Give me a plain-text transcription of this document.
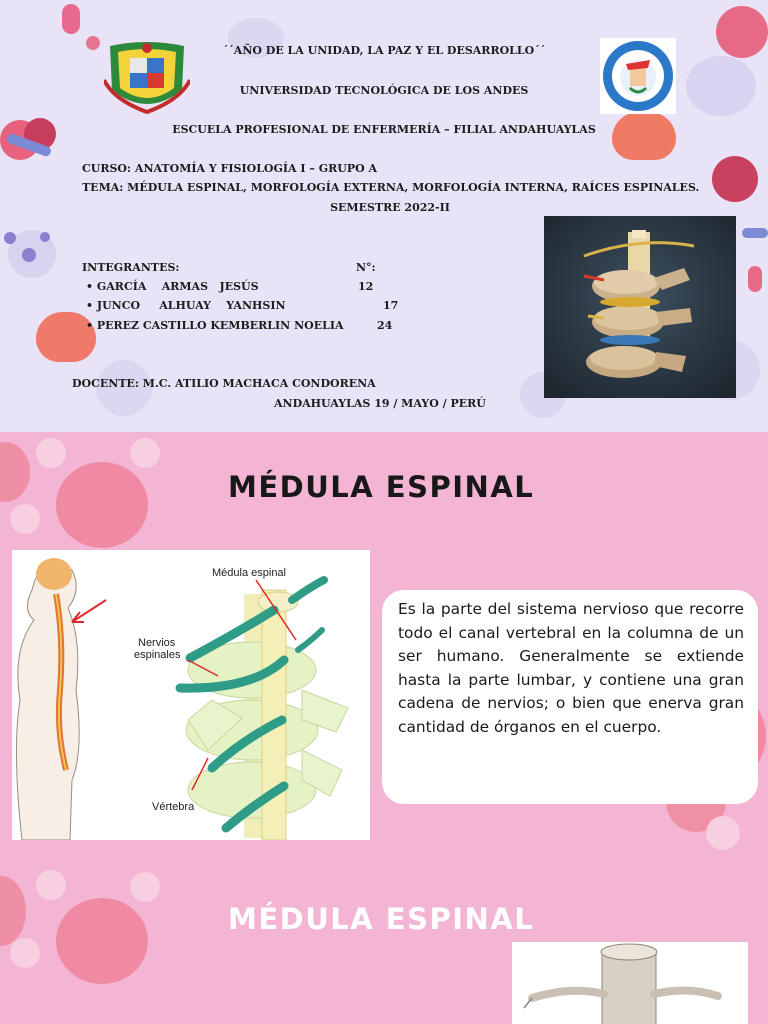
´´AÑO DE LA UNIDAD, LA PAZ Y EL DESARROLLO´´
UNIVERSIDAD TECNOLÓGICA DE LOS ANDES
ESCUELA PROFESIONAL DE ENFERMERÍA – FILIAL ANDAHUAYLAS
CURSO: ANATOMÍA Y FISIOLOGÍA I – GRUPO A
TEMA: MÉDULA ESPINAL, MORFOLOGÍA EXTERNA, MORFOLOGÍA INTERNA, RAÍCES ESPINALES.
SEMESTRE 2022-II
INTEGRANTES:	N°:
• GARCÍA    ARMAS   JESÚS	12
• JUNCO     ALHUAY    YANHSIN	17
• PEREZ CASTILLO KEMBERLIN NOELIA	24
DOCENTE: M.C. ATILIO MACHACA CONDORENA
ANDAHUAYLAS 19 / MAYO / PERÚ
MÉDULA ESPINAL
Médula espinal
Nervios
espinales
Vértebra

Es la parte del sistema nervioso que recorre todo el canal vertebral en la columna de un ser humano. Generalmente se extiende hasta la parte lumbar, y contiene una gran cadena de nervios; o bien que enerva gran cantidad de órganos en el cuerpo.

MÉDULA ESPINAL
